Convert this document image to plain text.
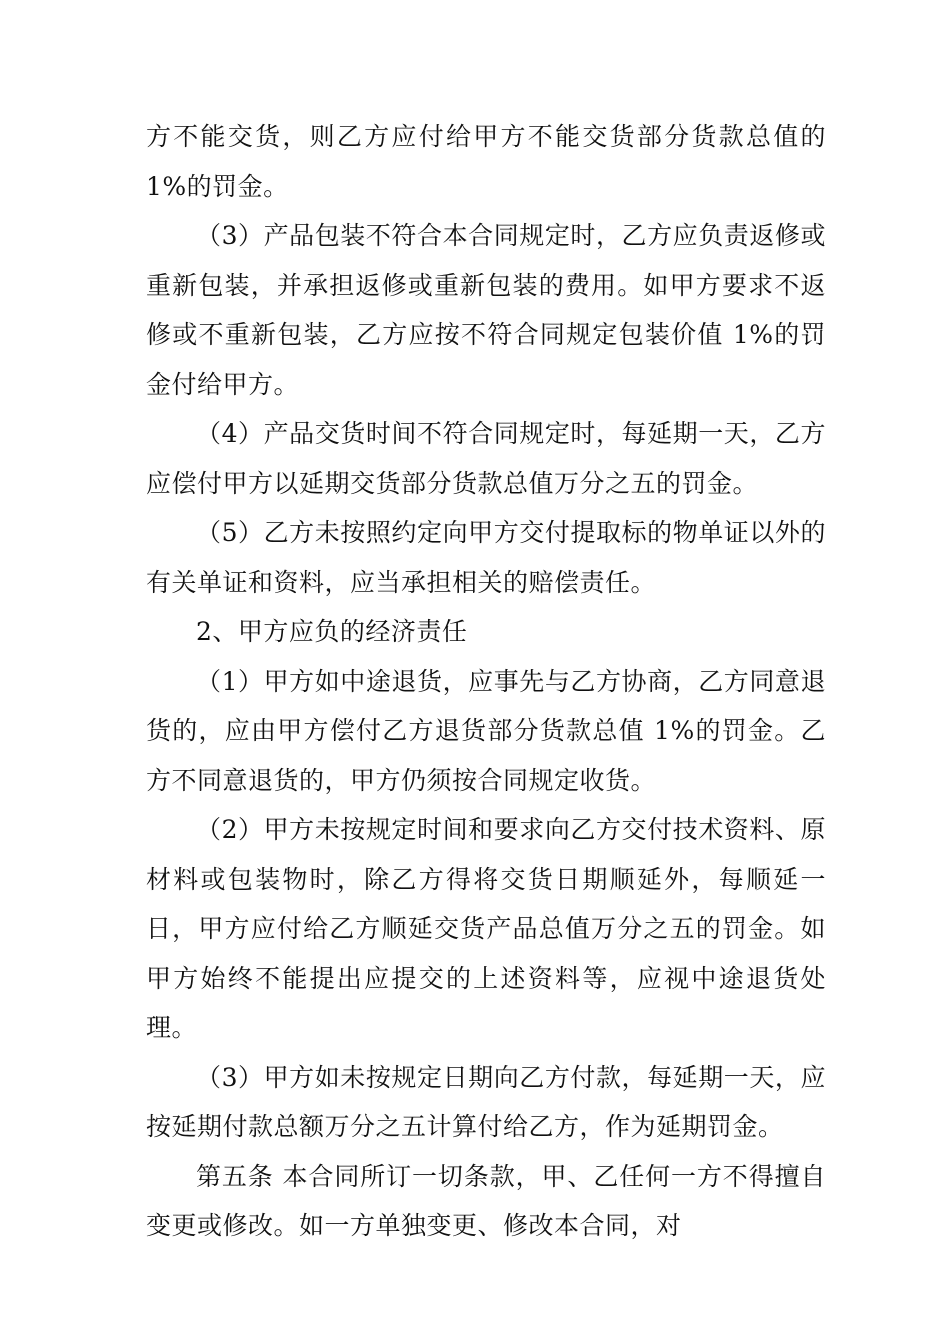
方不能交货，则乙方应付给甲方不能交货部分货款总值的 1%的罚金。

（3）产品包装不符合本合同规定时，乙方应负责返修或重新包装，并承担返修或重新包装的费用。如甲方要求不返修或不重新包装，乙方应按不符合同规定包装价值 1%的罚金付给甲方。

（4）产品交货时间不符合同规定时，每延期一天，乙方应偿付甲方以延期交货部分货款总值万分之五的罚金。

（5）乙方未按照约定向甲方交付提取标的物单证以外的有关单证和资料，应当承担相关的赔偿责任。

2、甲方应负的经济责任

（1）甲方如中途退货，应事先与乙方协商，乙方同意退货的，应由甲方偿付乙方退货部分货款总值 1%的罚金。乙方不同意退货的，甲方仍须按合同规定收货。

（2）甲方未按规定时间和要求向乙方交付技术资料、原材料或包装物时，除乙方得将交货日期顺延外，每顺延一日，甲方应付给乙方顺延交货产品总值万分之五的罚金。如甲方始终不能提出应提交的上述资料等，应视中途退货处理。

（3）甲方如未按规定日期向乙方付款，每延期一天，应按延期付款总额万分之五计算付给乙方，作为延期罚金。

第五条 本合同所订一切条款，甲、乙任何一方不得擅自变更或修改。如一方单独变更、修改本合同，对
